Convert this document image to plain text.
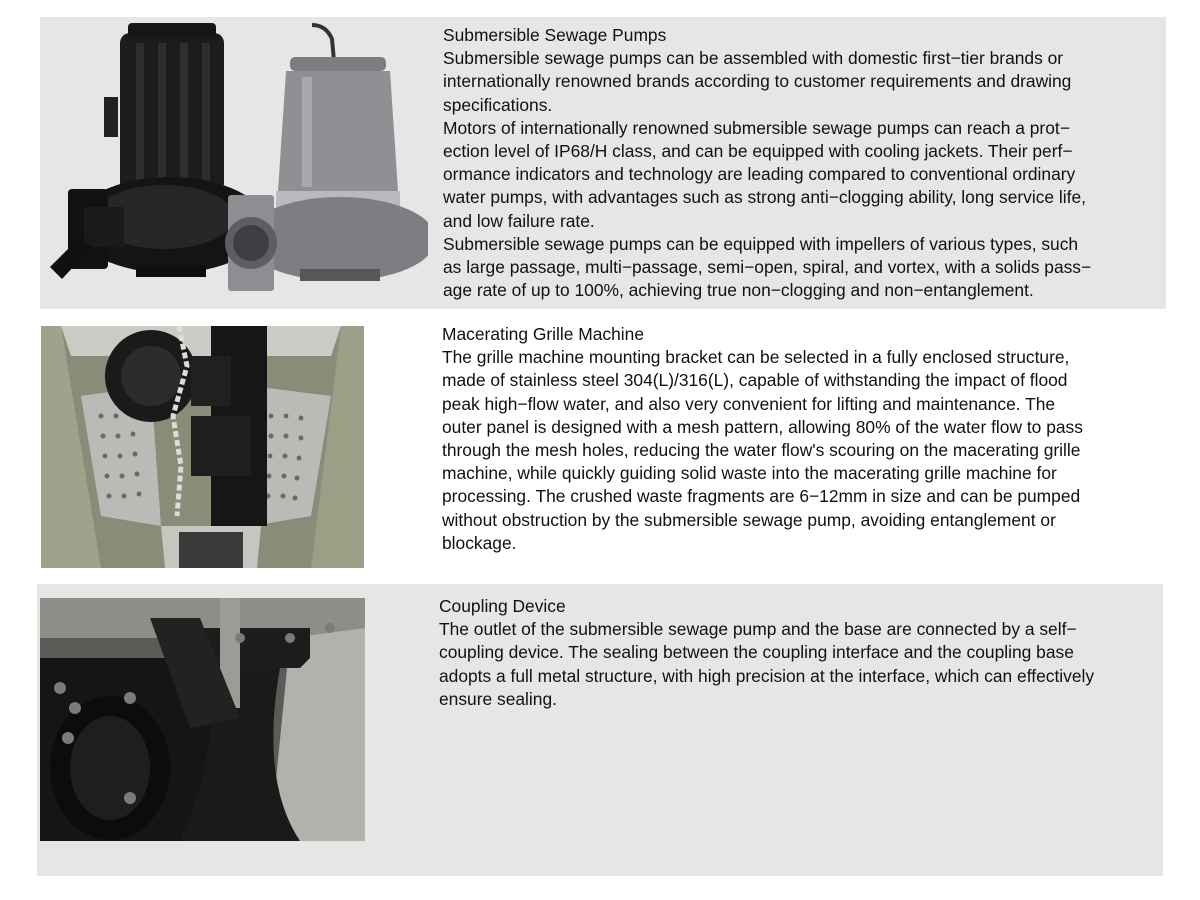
Submersible Sewage Pumps
Submersible sewage pumps can be assembled with domestic first−tier brands or
internationally renowned brands according to customer requirements and drawing
specifications.
Motors of internationally renowned submersible sewage pumps can reach a prot−
ection level of IP68/H class, and can be equipped with cooling jackets. Their perf−
ormance indicators and technology are leading compared to conventional ordinary
water pumps, with advantages such as strong anti−clogging ability, long service life,
and low failure rate.
Submersible sewage pumps can be equipped with impellers of various types, such
as large passage, multi−passage, semi−open, spiral, and vortex, with a solids pass−
age rate of up to 100%, achieving true non−clogging and non−entanglement.
Macerating Grille Machine
The grille machine mounting bracket can be selected in a fully enclosed structure,
made of stainless steel 304(L)/316(L), capable of withstanding the impact of flood
peak high−flow water, and also very convenient for lifting and maintenance. The
outer panel is designed with a mesh pattern, allowing 80% of the water flow to pass
through the mesh holes, reducing the water flow's scouring on the macerating grille
machine, while quickly guiding solid waste into the macerating grille machine for
processing. The crushed waste fragments are 6−12mm in size and can be pumped
without obstruction by the submersible sewage pump, avoiding entanglement or
blockage.
Coupling Device
The outlet of the submersible sewage pump and the base are connected by a self−
coupling device. The sealing between the coupling interface and the coupling base
adopts a full metal structure, with high precision at the interface, which can effectively
ensure sealing.
